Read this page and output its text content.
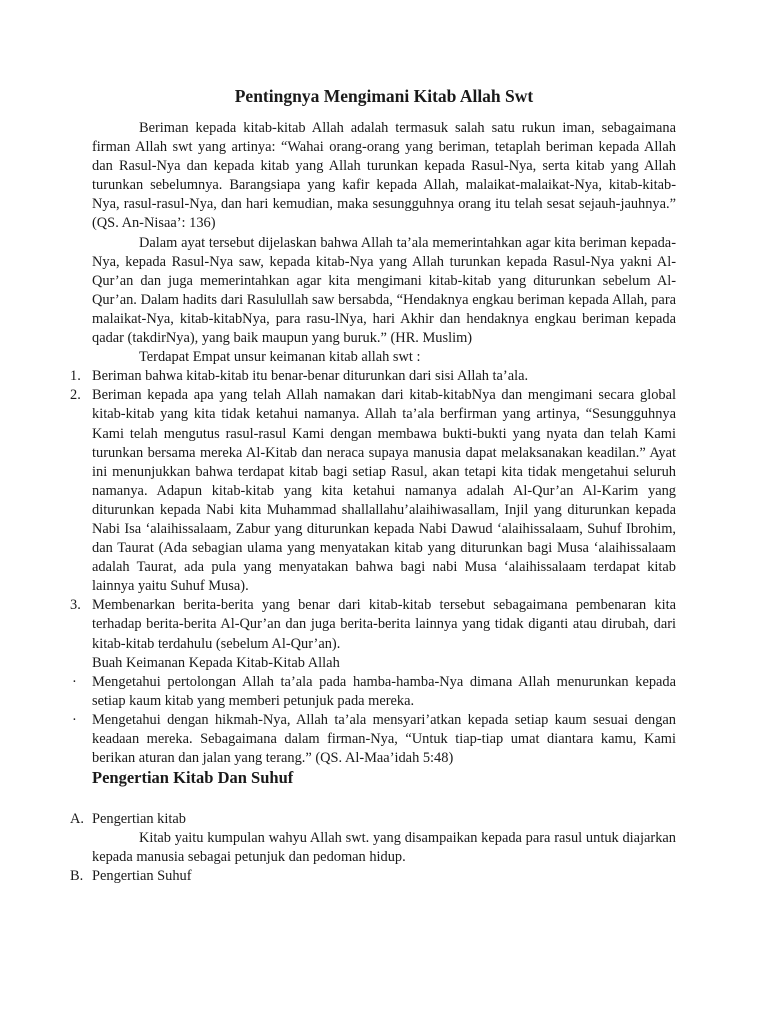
Pentingnya Mengimani Kitab Allah Swt

Beriman kepada kitab-kitab Allah adalah termasuk salah satu rukun iman, sebagaimana firman Allah swt yang artinya: “Wahai orang-orang yang beriman, tetaplah beriman kepada Allah dan Rasul-Nya dan kepada kitab yang Allah turunkan kepada Rasul-Nya, serta kitab yang Allah turunkan sebelumnya. Barangsiapa yang kafir kepada Allah, malaikat-malaikat-Nya, kitab-kitab-Nya, rasul-rasul-Nya, dan hari kemudian, maka sesungguhnya orang itu telah sesat sejauh-jauhnya.” (QS. An-Nisaa’: 136)

Dalam ayat tersebut dijelaskan bahwa Allah ta’ala memerintahkan agar kita beriman kepada-Nya, kepada Rasul-Nya saw, kepada kitab-Nya yang Allah turunkan kepada Rasul-Nya yakni Al-Qur’an dan juga memerintahkan agar kita mengimani kitab-kitab yang diturunkan sebelum Al-Qur’an. Dalam hadits dari Rasulullah saw bersabda, “Hendaknya engkau beriman kepada Allah, para malaikat-Nya, kitab-kitabNya, para rasu-lNya, hari Akhir dan hendaknya engkau beriman kepada qadar (takdirNya), yang baik maupun yang buruk.” (HR. Muslim)

Terdapat Empat unsur keimanan kitab allah swt :

1. Beriman bahwa kitab-kitab itu benar-benar diturunkan dari sisi Allah ta’ala.
2. Beriman kepada apa yang telah Allah namakan dari kitab-kitabNya dan mengimani secara global kitab-kitab yang kita tidak ketahui namanya. Allah ta’ala berfirman yang artinya, “Sesungguhnya Kami telah mengutus rasul-rasul Kami dengan membawa bukti-bukti yang nyata dan telah Kami turunkan bersama mereka Al-Kitab dan neraca supaya manusia dapat melaksanakan keadilan.” Ayat ini menunjukkan bahwa terdapat kitab bagi setiap Rasul, akan tetapi kita tidak mengetahui seluruh namanya. Adapun kitab-kitab yang kita ketahui namanya adalah Al-Qur’an Al-Karim yang diturunkan kepada Nabi kita Muhammad shallallahu’alaihiwasallam, Injil yang diturunkan kepada Nabi Isa ‘alaihissalaam, Zabur yang diturunkan kepada Nabi Dawud ‘alaihissalaam, Suhuf Ibrohim, dan Taurat (Ada sebagian ulama yang menyatakan kitab yang diturunkan bagi Musa ‘alaihissalaam adalah Taurat, ada pula yang menyatakan bahwa bagi nabi Musa ‘alaihissalaam terdapat kitab lainnya yaitu Suhuf Musa).
3. Membenarkan berita-berita yang benar dari kitab-kitab tersebut sebagaimana pembenaran kita terhadap berita-berita Al-Qur’an dan juga berita-berita lainnya yang tidak diganti atau dirubah, dari kitab-kitab terdahulu (sebelum Al-Qur’an).

Buah Keimanan Kepada Kitab-Kitab Allah

· Mengetahui pertolongan Allah ta’ala pada hamba-hamba-Nya dimana Allah menurunkan kepada setiap kaum kitab yang memberi petunjuk pada mereka.
· Mengetahui dengan hikmah-Nya, Allah ta’ala mensyari’atkan kepada setiap kaum sesuai dengan keadaan mereka. Sebagaimana dalam firman-Nya, “Untuk tiap-tiap umat diantara kamu, Kami berikan aturan dan jalan yang terang.” (QS. Al-Maa’idah 5:48)
Pengertian Kitab Dan Suhuf
A. Pengertian kitab

Kitab yaitu kumpulan wahyu Allah swt. yang disampaikan kepada para rasul untuk diajarkan kepada manusia sebagai petunjuk dan pedoman hidup.

B. Pengertian Suhuf
